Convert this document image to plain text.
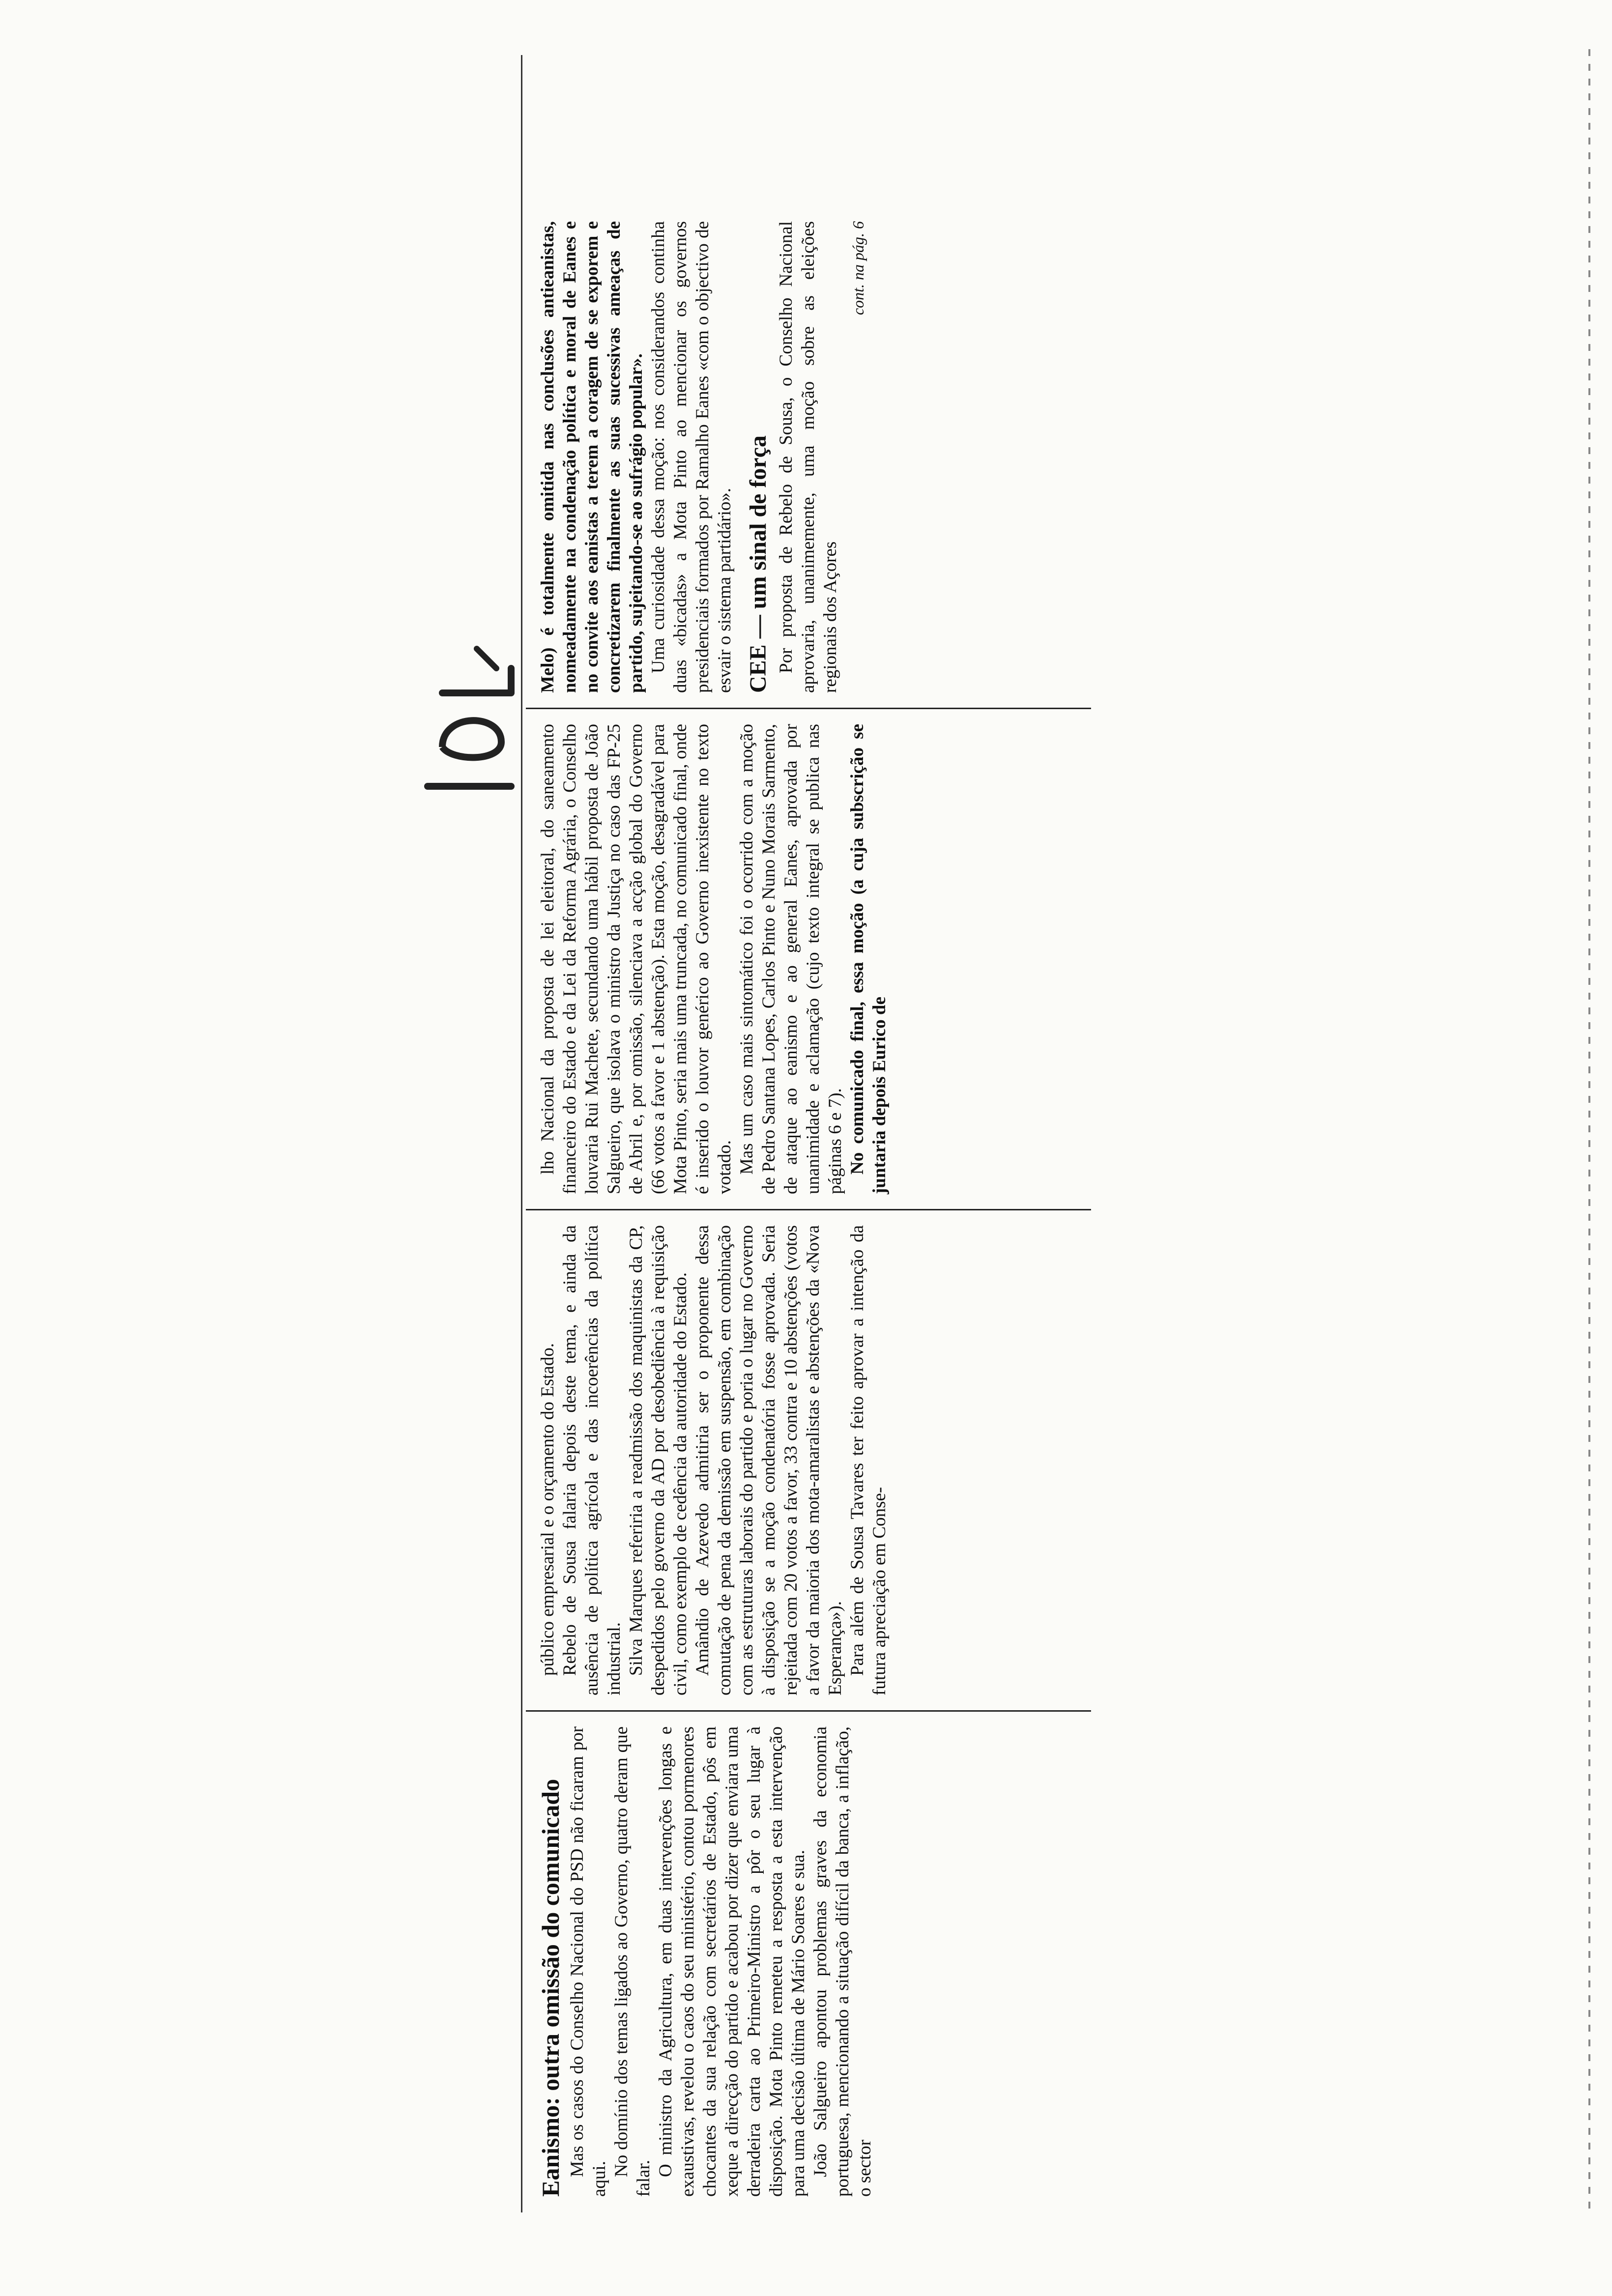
Eanismo: outra omissão do comunicado Mas os casos do Conselho Nacional do PSD não ficaram por aqui.

No domínio dos temas ligados ao Governo, quatro deram que falar.

O ministro da Agricultura, em duas intervenções longas e exaustivas, revelou o caos do seu ministério, contou pormenores chocantes da sua relação com secretários de Estado, pôs em xeque a direcção do partido e acabou por dizer que enviara uma derradeira carta ao Primeiro-Ministro a pôr o seu lugar à disposição. Mota Pinto remeteu a resposta a esta intervenção para uma decisão última de Mário Soares e sua. João Salgueiro apontou problemas graves da economia portuguesa, mencionando a situação difícil da banca, a inflação, o sector

público empresarial e o orçamento do Estado. Rebelo de Sousa falaria depois deste tema, e ainda da ausência de política agrícola e das incoerências da política industrial. Silva Marques referiria a readmissão dos maquinistas da CP, despedidos pelo governo da AD por desobediência à requisição civil, como exemplo de cedência da autoridade do Estado. Amândio de Azevedo admitiria ser o proponente dessa comutação de pena da demissão em suspensão, em combinação com as estruturas laborais do partido e poria o lugar no Governo à disposição se a moção condenatória fosse aprovada. Seria rejeitada com 20 votos a favor, 33 contra e 10 abstenções (votos a favor da maioria dos mota-amaralistas e abstenções da «Nova Esperança»). Para além de Sousa Tavares ter feito aprovar a intenção da futura apreciação em Conse-

lho Nacional da proposta de lei eleitoral, do saneamento financeiro do Estado e da Lei da Reforma Agrária, o Conselho louvaria Rui Machete, secundando uma hábil proposta de João Salgueiro, que isolava o ministro da Justiça no caso das FP-25 de Abril e, por omissão, silenciava a acção global do Governo (66 votos a favor e 1 abstenção). Esta moção, desagradável para Mota Pinto, seria mais uma truncada, no comunicado final, onde é inserido o louvor genérico ao Governo inexistente no texto votado. Mas um caso mais sintomático foi o ocorrido com a moção de Pedro Santana Lopes, Carlos Pinto e Nuno Morais Sarmento, de ataque ao eanismo e ao general Eanes, aprovada por unanimidade e aclamação (cujo texto integral se publica nas páginas 6 e 7). No comunicado final, essa moção (a cuja subscrição se juntaria depois Eurico de

Melo) é totalmente omitida nas conclusões antieanistas, nomeadamente na condenação política e moral de Eanes e no convite aos eanistas a terem a coragem de se exporem e concretizarem finalmente as suas sucessivas ameaças de partido, sujeitando-se ao sufrágio popular». Uma curiosidade dessa moção: nos considerandos continha duas «bicadas» a Mota Pinto ao mencionar os governos presidenciais formados por Ramalho Eanes «com o objectivo de esvair o sistema partidário». CEE — um sinal de força Por proposta de Rebelo de Sousa, o Conselho Nacional aprovaria, unanimemente, uma moção sobre as eleições regionais dos Açores

cont. na pág. 6
